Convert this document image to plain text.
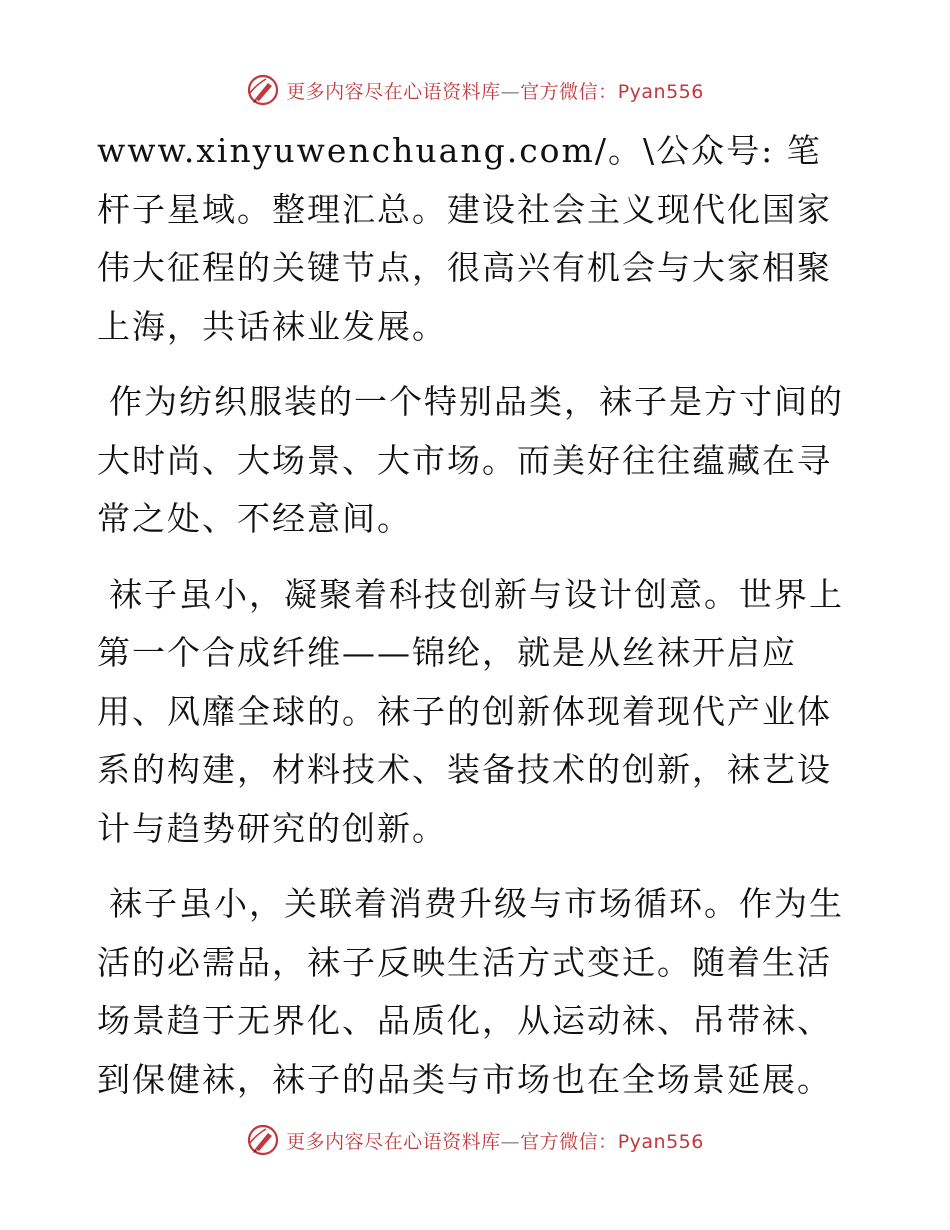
更多内容尽在心语资料库—官方微信：Pyan556

www.xinyuwenchuang.com/。\公众号: 笔杆子星域。整理汇总。建设社会主义现代化国家伟大征程的关键节点，很高兴有机会与大家相聚上海，共话袜业发展。

作为纺织服装的一个特别品类，袜子是方寸间的大时尚、大场景、大市场。而美好往往蕴藏在寻常之处、不经意间。

袜子虽小，凝聚着科技创新与设计创意。世界上第一个合成纤维——锦纶，就是从丝袜开启应用、风靡全球的。袜子的创新体现着现代产业体系的构建，材料技术、装备技术的创新，袜艺设计与趋势研究的创新。

袜子虽小，关联着消费升级与市场循环。作为生活的必需品，袜子反映生活方式变迁。随着生活场景趋于无界化、品质化，从运动袜、吊带袜、到保健袜，袜子的品类与市场也在全场景延展。

更多内容尽在心语资料库—官方微信：Pyan556
